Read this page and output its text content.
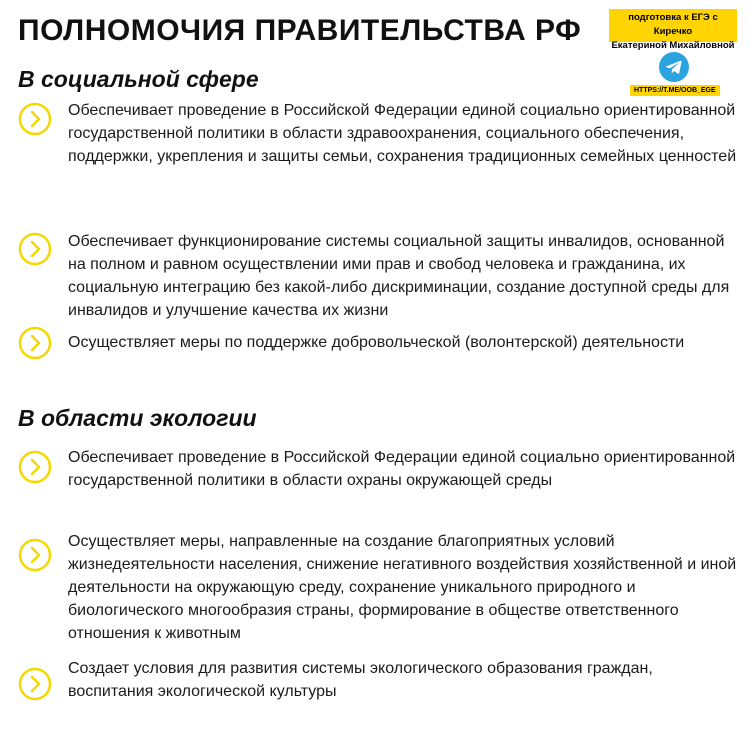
ПОЛНОМОЧИЯ ПРАВИТЕЛЬСТВА РФ	подготовка к ЕГЭ с Киречко
Екатериной Михайловной
HTTPS://T.ME/OOB_EGE
В социальной сфере
Обеспечивает проведение в Российской Федерации единой социально ориентированной государственной политики в области здравоохранения, социального обеспечения, поддержки, укрепления и защиты семьи, сохранения традиционных семейных ценностей
Обеспечивает функционирование системы социальной защиты инвалидов, основанной на полном и равном осуществлении ими прав и свобод человека и гражданина, их социальную интеграцию без какой-либо дискриминации, создание доступной среды для инвалидов и улучшение качества их жизни
Осуществляет меры по поддержке добровольческой (волонтерской) деятельности
В области экологии
Обеспечивает проведение в Российской Федерации единой социально ориентированной государственной политики в области охраны окружающей среды
Осуществляет меры, направленные на создание благоприятных условий жизнедеятельности населения, снижение негативного воздействия хозяйственной и иной деятельности на окружающую среду, сохранение уникального природного и биологического многообразия страны, формирование в обществе ответственного отношения к животным
Создает условия для развития системы экологического образования граждан, воспитания экологической культуры
